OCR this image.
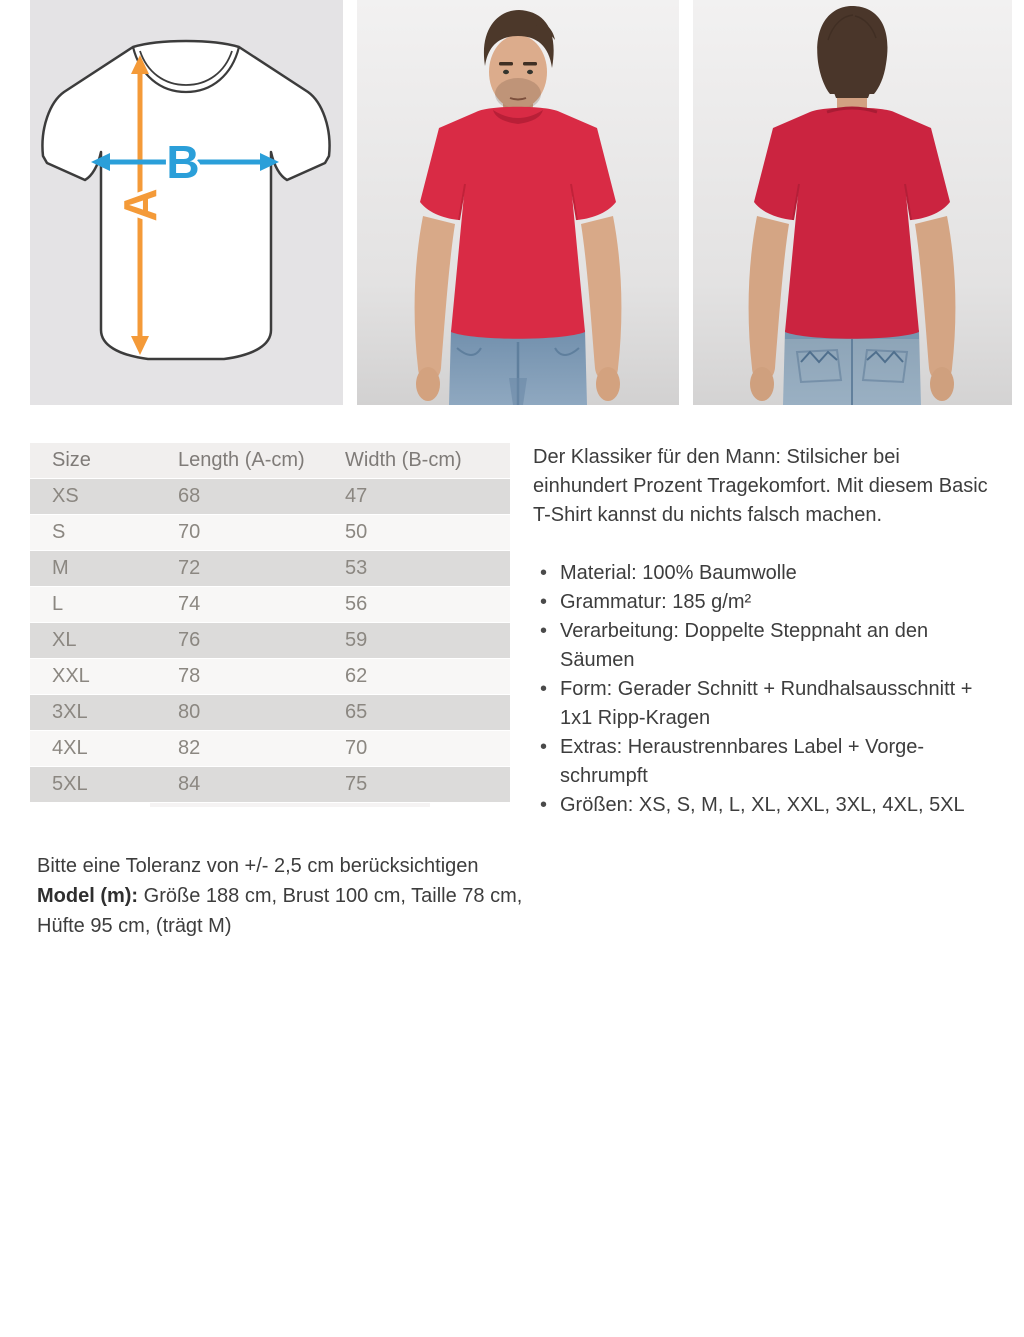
A
B
Size	Length (A-cm)	Width (B-cm)
XS	68	47
S	70	50
M	72	53
L	74	56
XL	76	59
XXL	78	62
3XL	80	65
4XL	82	70
5XL	84	75

Der Klassiker für den Mann: Stilsicher bei einhundert Prozent Tragekomfort. Mit diesem Basic T-Shirt kannst du nichts falsch machen.

• Material: 100% Baumwolle
• Grammatur: 185 g/m²
• Verarbeitung: Doppelte Steppnaht an den Säumen
• Form: Gerader Schnitt + Rundhalsausschnitt + 1x1 Ripp-Kragen
• Extras: Heraustrennbares Label + Vorge-schrumpft
• Größen: XS, S, M, L, XL, XXL, 3XL, 4XL, 5XL

Bitte eine Toleranz von +/- 2,5 cm berücksichtigen

Model (m): Größe 188 cm, Brust 100 cm, Taille 78 cm, Hüfte 95 cm, (trägt M)
